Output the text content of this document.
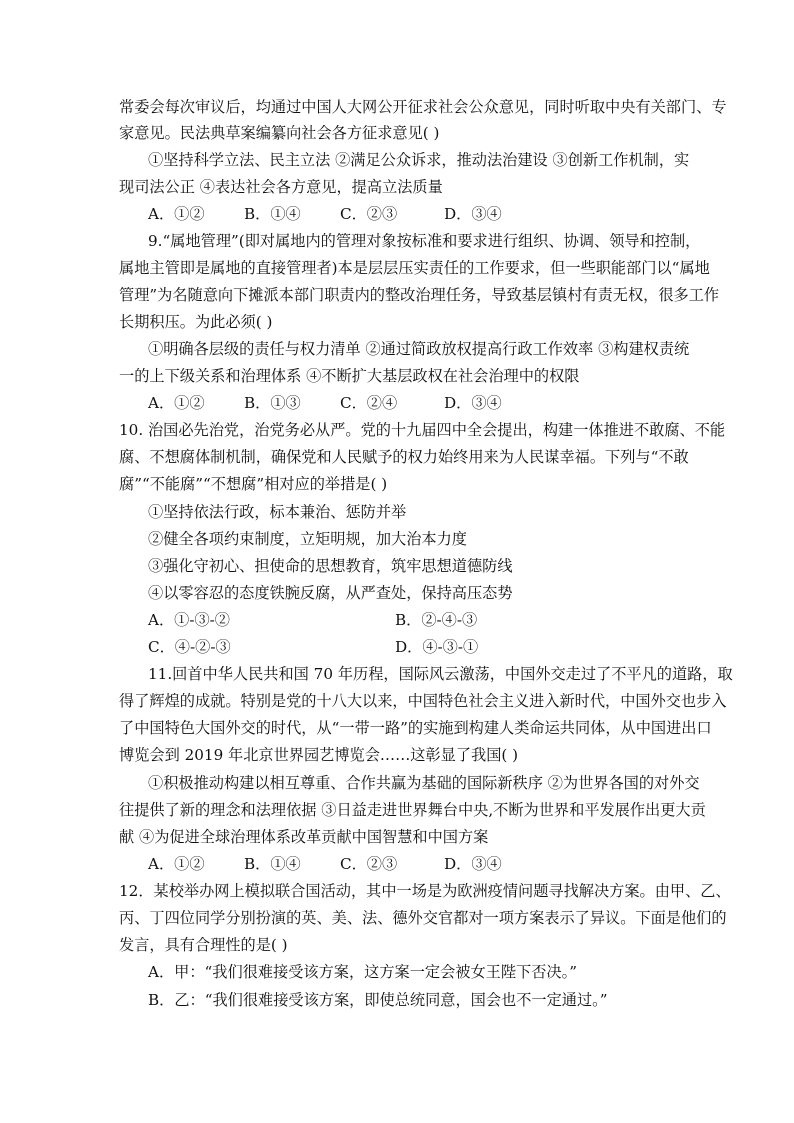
常委会每次审议后，均通过中国人大网公开征求社会公众意见，同时听取中央有关部门、专
家意见。民法典草案编纂向社会各方征求意见( )
①坚持科学立法、民主立法 ②满足公众诉求，推动法治建设 ③创新工作机制，实
现司法公正 ④表达社会各方意见，提高立法质量
A．①②	B．①④	C．②③	D．③④
9.“属地管理”(即对属地内的管理对象按标准和要求进行组织、协调、领导和控制，
属地主管即是属地的直接管理者)本是层层压实责任的工作要求，但一些职能部门以“属地
管理”为名随意向下摊派本部门职责内的整改治理任务，导致基层镇村有责无权，很多工作
长期积压。为此必须( )
①明确各层级的责任与权力清单 ②通过简政放权提高行政工作效率 ③构建权责统
一的上下级关系和治理体系 ④不断扩大基层政权在社会治理中的权限
A．①②	B．①③	C．②④	D．③④
10. 治国必先治党，治党务必从严。党的十九届四中全会提出，构建一体推进不敢腐、不能
腐、不想腐体制机制，确保党和人民赋予的权力始终用来为人民谋幸福。下列与“不敢
腐”“不能腐”“不想腐”相对应的举措是( )
①坚持依法行政，标本兼治、惩防并举
②健全各项约束制度，立矩明规，加大治本力度
③强化守初心、担使命的思想教育，筑牢思想道德防线
④以零容忍的态度铁腕反腐，从严查处，保持高压态势
A．①-③-②	B．②-④-③
C．④-②-③	D．④-③-①
11.回首中华人民共和国 70 年历程，国际风云激荡，中国外交走过了不平凡的道路，取
得了辉煌的成就。特别是党的十八大以来，中国特色社会主义进入新时代，中国外交也步入
了中国特色大国外交的时代，从“一带一路”的实施到构建人类命运共同体，从中国进出口
博览会到 2019 年北京世界园艺博览会……这彰显了我国( )
①积极推动构建以相互尊重、合作共赢为基础的国际新秩序 ②为世界各国的对外交
往提供了新的理念和法理依据 ③日益走进世界舞台中央,不断为世界和平发展作出更大贡
献 ④为促进全球治理体系改革贡献中国智慧和中国方案
A．①②	B．①④	C．②③	D．③④
12．某校举办网上模拟联合国活动，其中一场是为欧洲疫情问题寻找解决方案。由甲、乙、
丙、丁四位同学分别扮演的英、美、法、德外交官都对一项方案表示了异议。下面是他们的
发言，具有合理性的是( )
A．甲：“我们很难接受该方案，这方案一定会被女王陛下否决。”
B．乙：“我们很难接受该方案，即使总统同意，国会也不一定通过。”
